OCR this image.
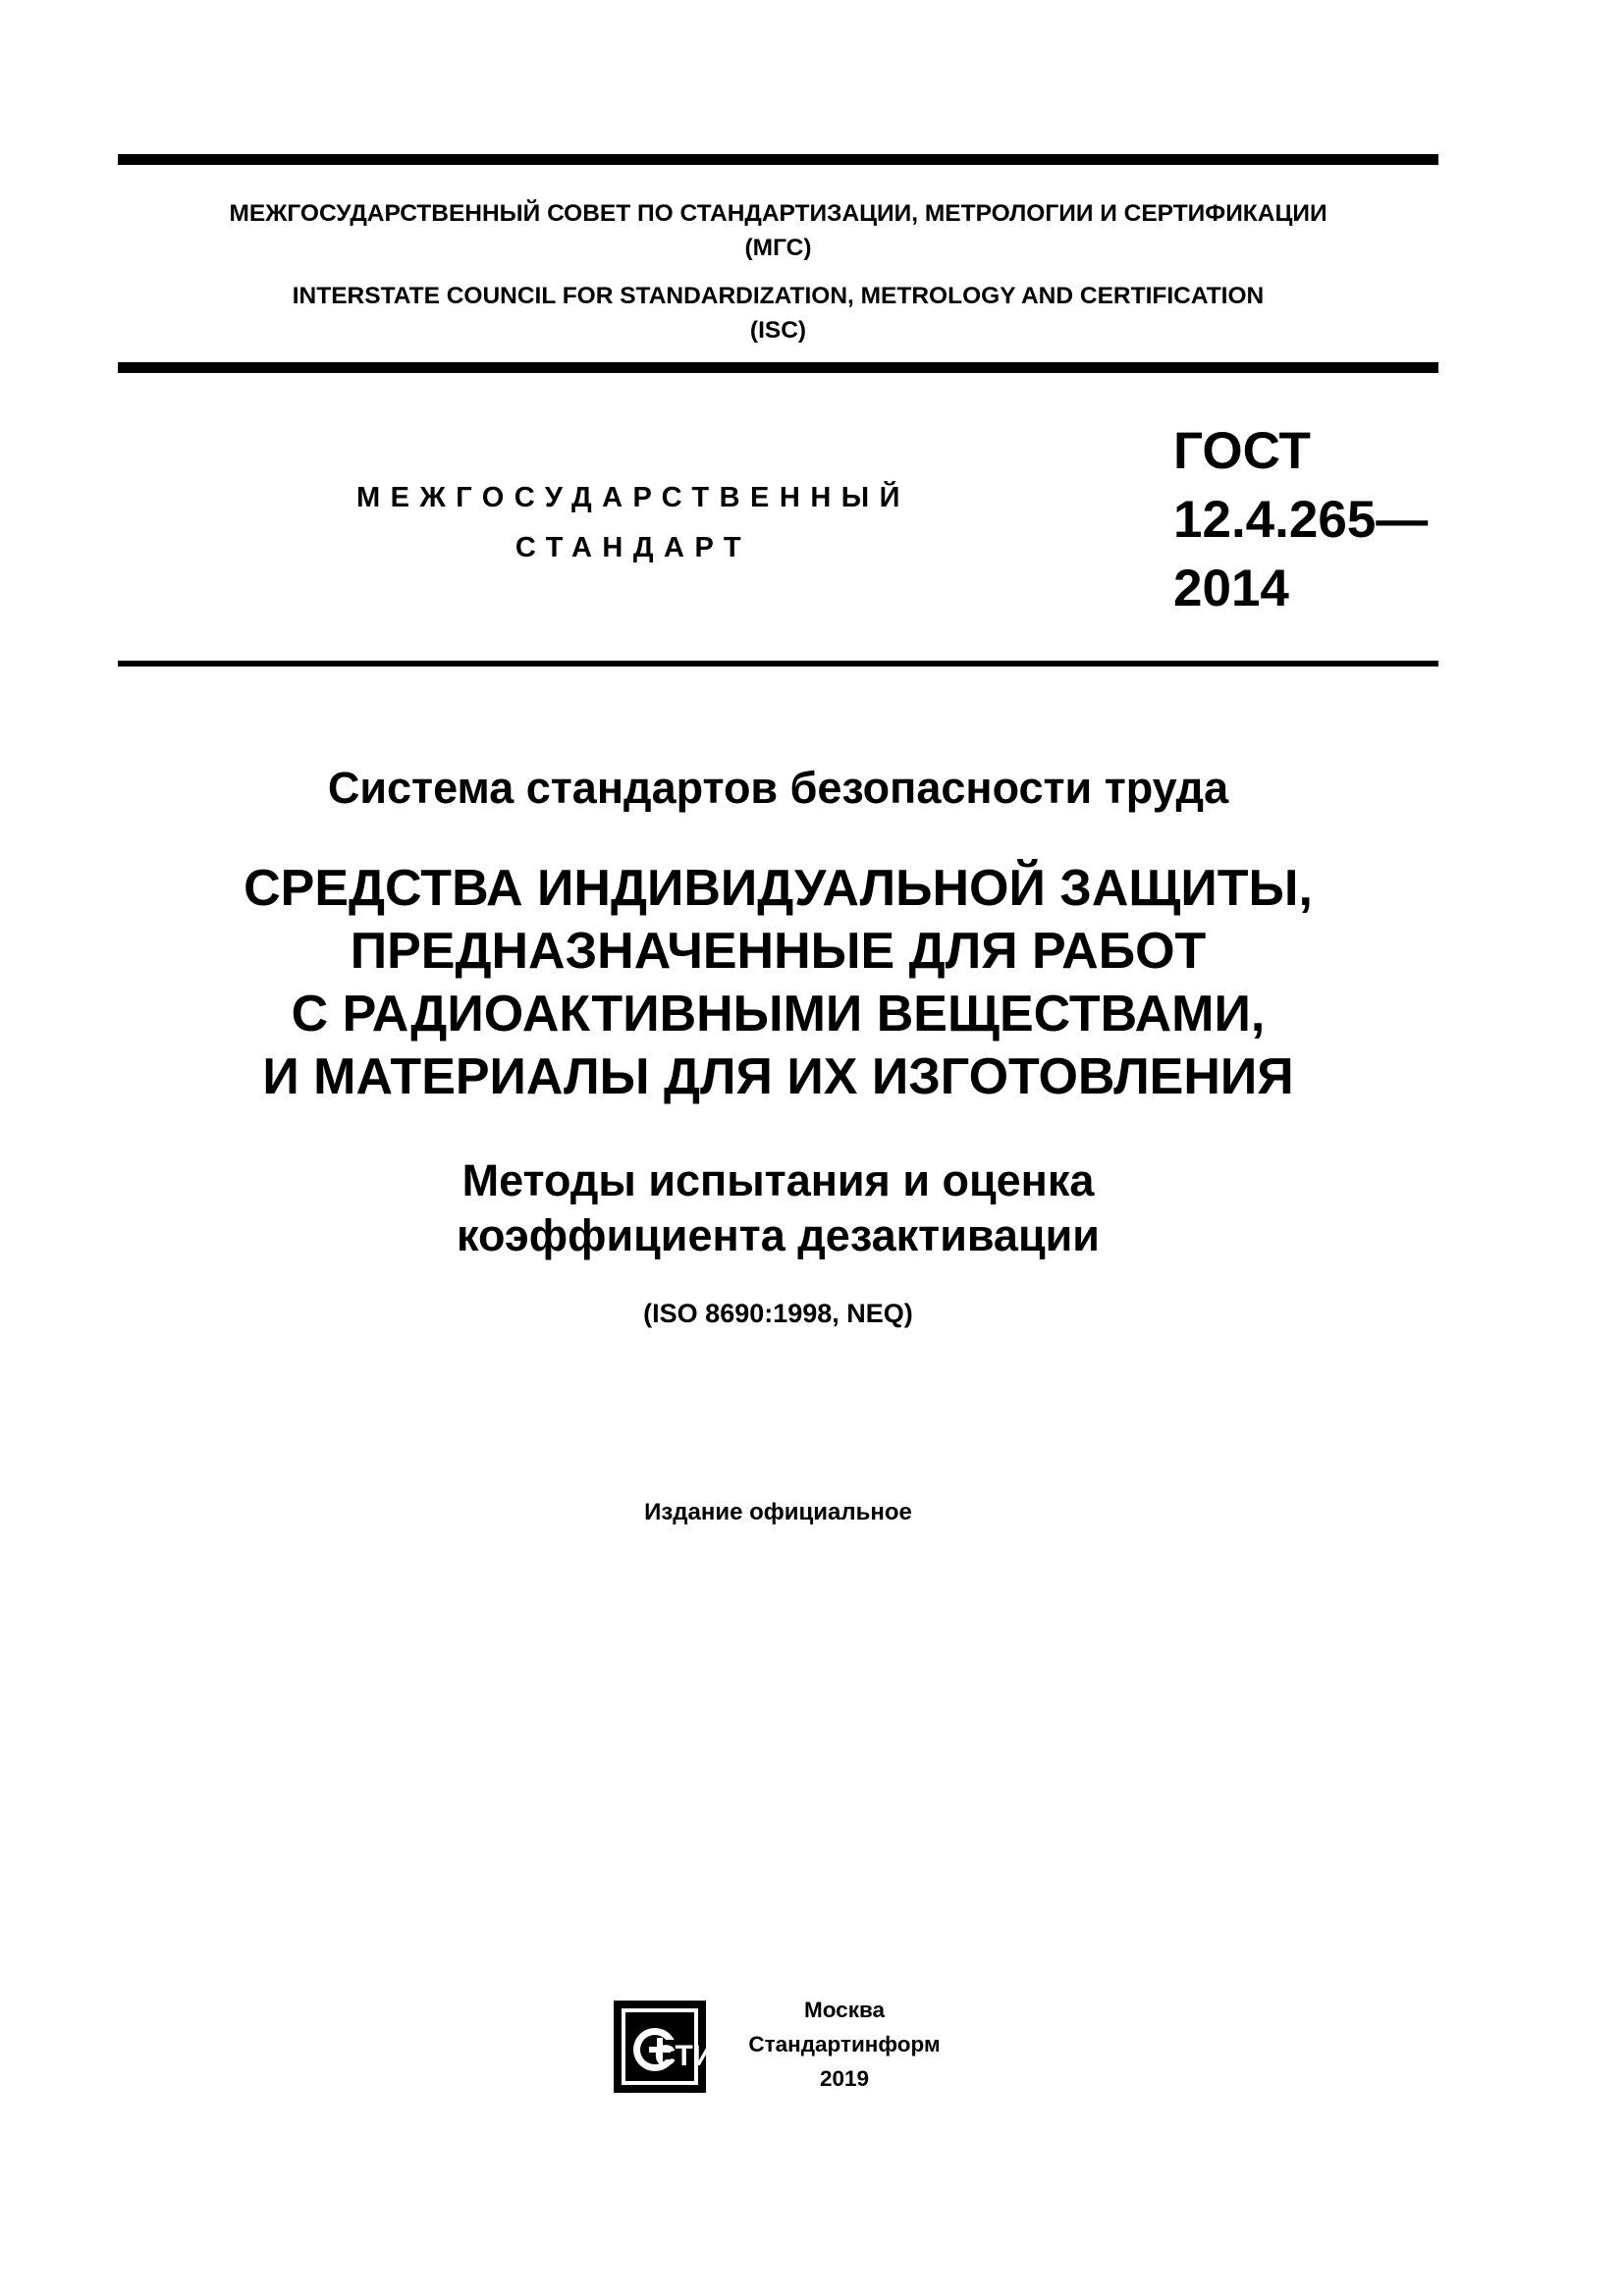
МЕЖГОСУДАРСТВЕННЫЙ СОВЕТ ПО СТАНДАРТИЗАЦИИ, МЕТРОЛОГИИ И СЕРТИФИКАЦИИ
(МГС)
INTERSTATE COUNCIL FOR STANDARDIZATION, METROLOGY AND CERTIFICATION
(ISC)
МЕЖГОСУДАРСТВЕННЫЙ
СТАНДАРТ
ГОСТ
12.4.265—
2014
Система стандартов безопасности труда
СРЕДСТВА ИНДИВИДУАЛЬНОЙ ЗАЩИТЫ,
ПРЕДНАЗНАЧЕННЫЕ ДЛЯ РАБОТ
С РАДИОАКТИВНЫМИ ВЕЩЕСТВАМИ,
И МАТЕРИАЛЫ ДЛЯ ИХ ИЗГОТОВЛЕНИЯ
Методы испытания и оценка
коэффициента дезактивации
(ISO 8690:1998, NEQ)
Издание официальное
СТИ
Москва
Стандартинформ
2019
